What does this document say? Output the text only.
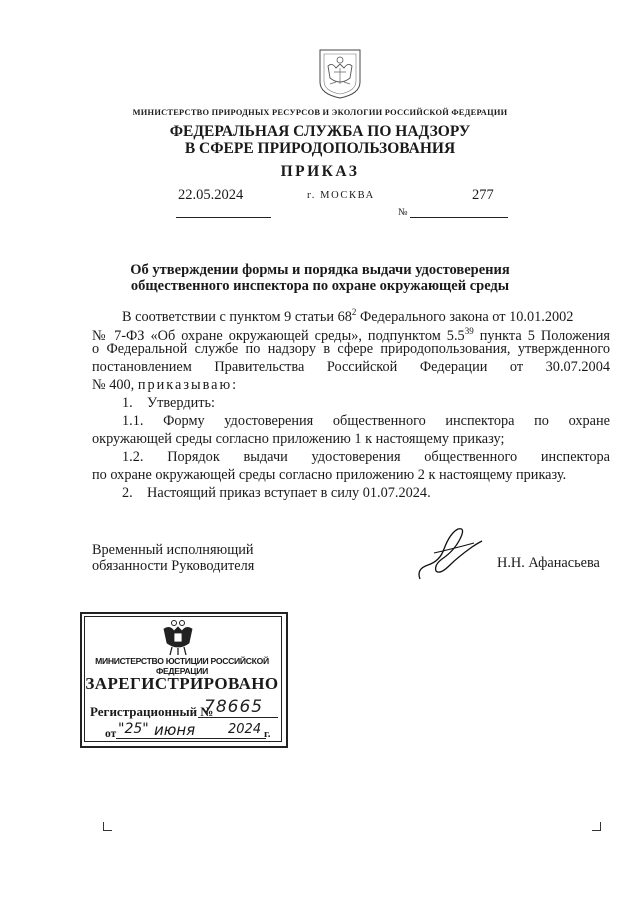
МИНИСТЕРСТВО ПРИРОДНЫХ РЕСУРСОВ И ЭКОЛОГИИ РОССИЙСКОЙ ФЕДЕРАЦИИ
ФЕДЕРАЛЬНАЯ СЛУЖБА ПО НАДЗОРУ
В СФЕРЕ ПРИРОДОПОЛЬЗОВАНИЯ
ПРИКАЗ
22.05.2024	г. МОСКВА	277
№
Об утверждении формы и порядка выдачи удостоверения
общественного инспектора по охране окружающей среды
В соответствии с пунктом 9 статьи $68^2$ Федерального закона от 10.01.2002
№ 7-ФЗ «Об охране окружающей среды», подпунктом $5.5^{39}$ пункта 5 Положения
о Федеральной службе по надзору в сфере природопользования, утвержденного
постановлением Правительства Российской Федерации от 30.07.2004
№ 400, приказываю:
1.    Утвердить:
1.1. Форму удостоверения общественного инспектора по охране
окружающей среды согласно приложению 1 к настоящему приказу;
1.2. Порядок выдачи удостоверения общественного инспектора
по охране окружающей среды согласно приложению 2 к настоящему приказу.
2.    Настоящий приказ вступает в силу 01.07.2024.
Временный исполняющий
обязанности Руководителя	Н.Н. Афанасьева
МИНИСТЕРСТВО ЮСТИЦИИ РОССИЙСКОЙ ФЕДЕРАЦИИ
ЗАРЕГИСТРИРОВАНО
Регистрационный №
78665
от "25" июня	2024 г.
